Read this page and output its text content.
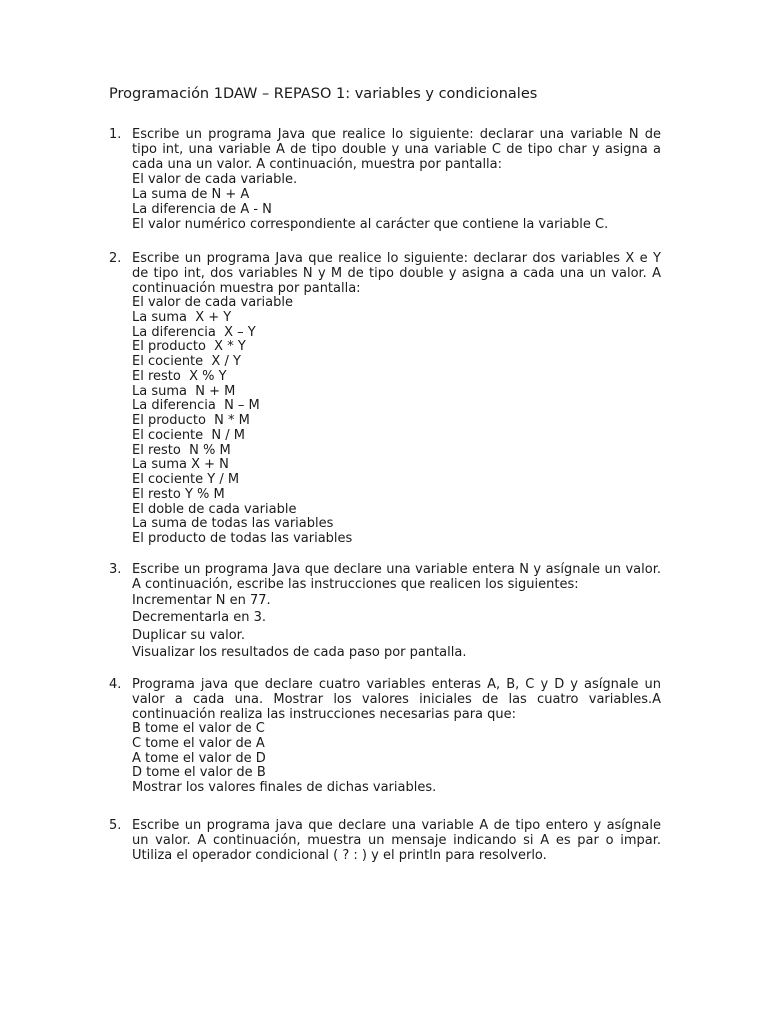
Programación 1DAW – REPASO 1: variables y condicionales
1. Escribe un programa Java que realice lo siguiente: declarar una variable N de tipo int, una variable A de tipo double y una variable C de tipo char y asigna a cada una un valor. A continuación, muestra por pantalla:

El valor de cada variable.
La suma de N + A
La diferencia de A - N
El valor numérico correspondiente al carácter que contiene la variable C.
2. Escribe un programa Java que realice lo siguiente: declarar dos variables X e Y de tipo int, dos variables N y M de tipo double y asigna a cada una un valor. A continuación muestra por pantalla:

El valor de cada variable
La suma  X + Y
La diferencia  X – Y
El producto  X * Y
El cociente  X / Y
El resto  X % Y
La suma  N + M
La diferencia  N – M
El producto  N * M
El cociente  N / M
El resto  N % M
La suma X + N
El cociente Y / M
El resto Y % M
El doble de cada variable
La suma de todas las variables
El producto de todas las variables
3. Escribe un programa Java que declare una variable entera N y asígnale un valor. A continuación, escribe las instrucciones que realicen los siguientes:

Incrementar N en 77.
Decrementarla en 3.
Duplicar su valor.
Visualizar los resultados de cada paso por pantalla.
4. Programa java que declare cuatro variables enteras A, B, C y D y asígnale un valor a cada una. Mostrar los valores iniciales de las cuatro variables.A continuación realiza las instrucciones necesarias para que:

B tome el valor de C
C tome el valor de A
A tome el valor de D
D tome el valor de B
Mostrar los valores finales de dichas variables.
5. Escribe un programa java que declare una variable A de tipo entero y asígnale un valor. A continuación, muestra un mensaje indicando si A es par o impar. Utiliza el operador condicional ( ? : ) y el println para resolverlo.
